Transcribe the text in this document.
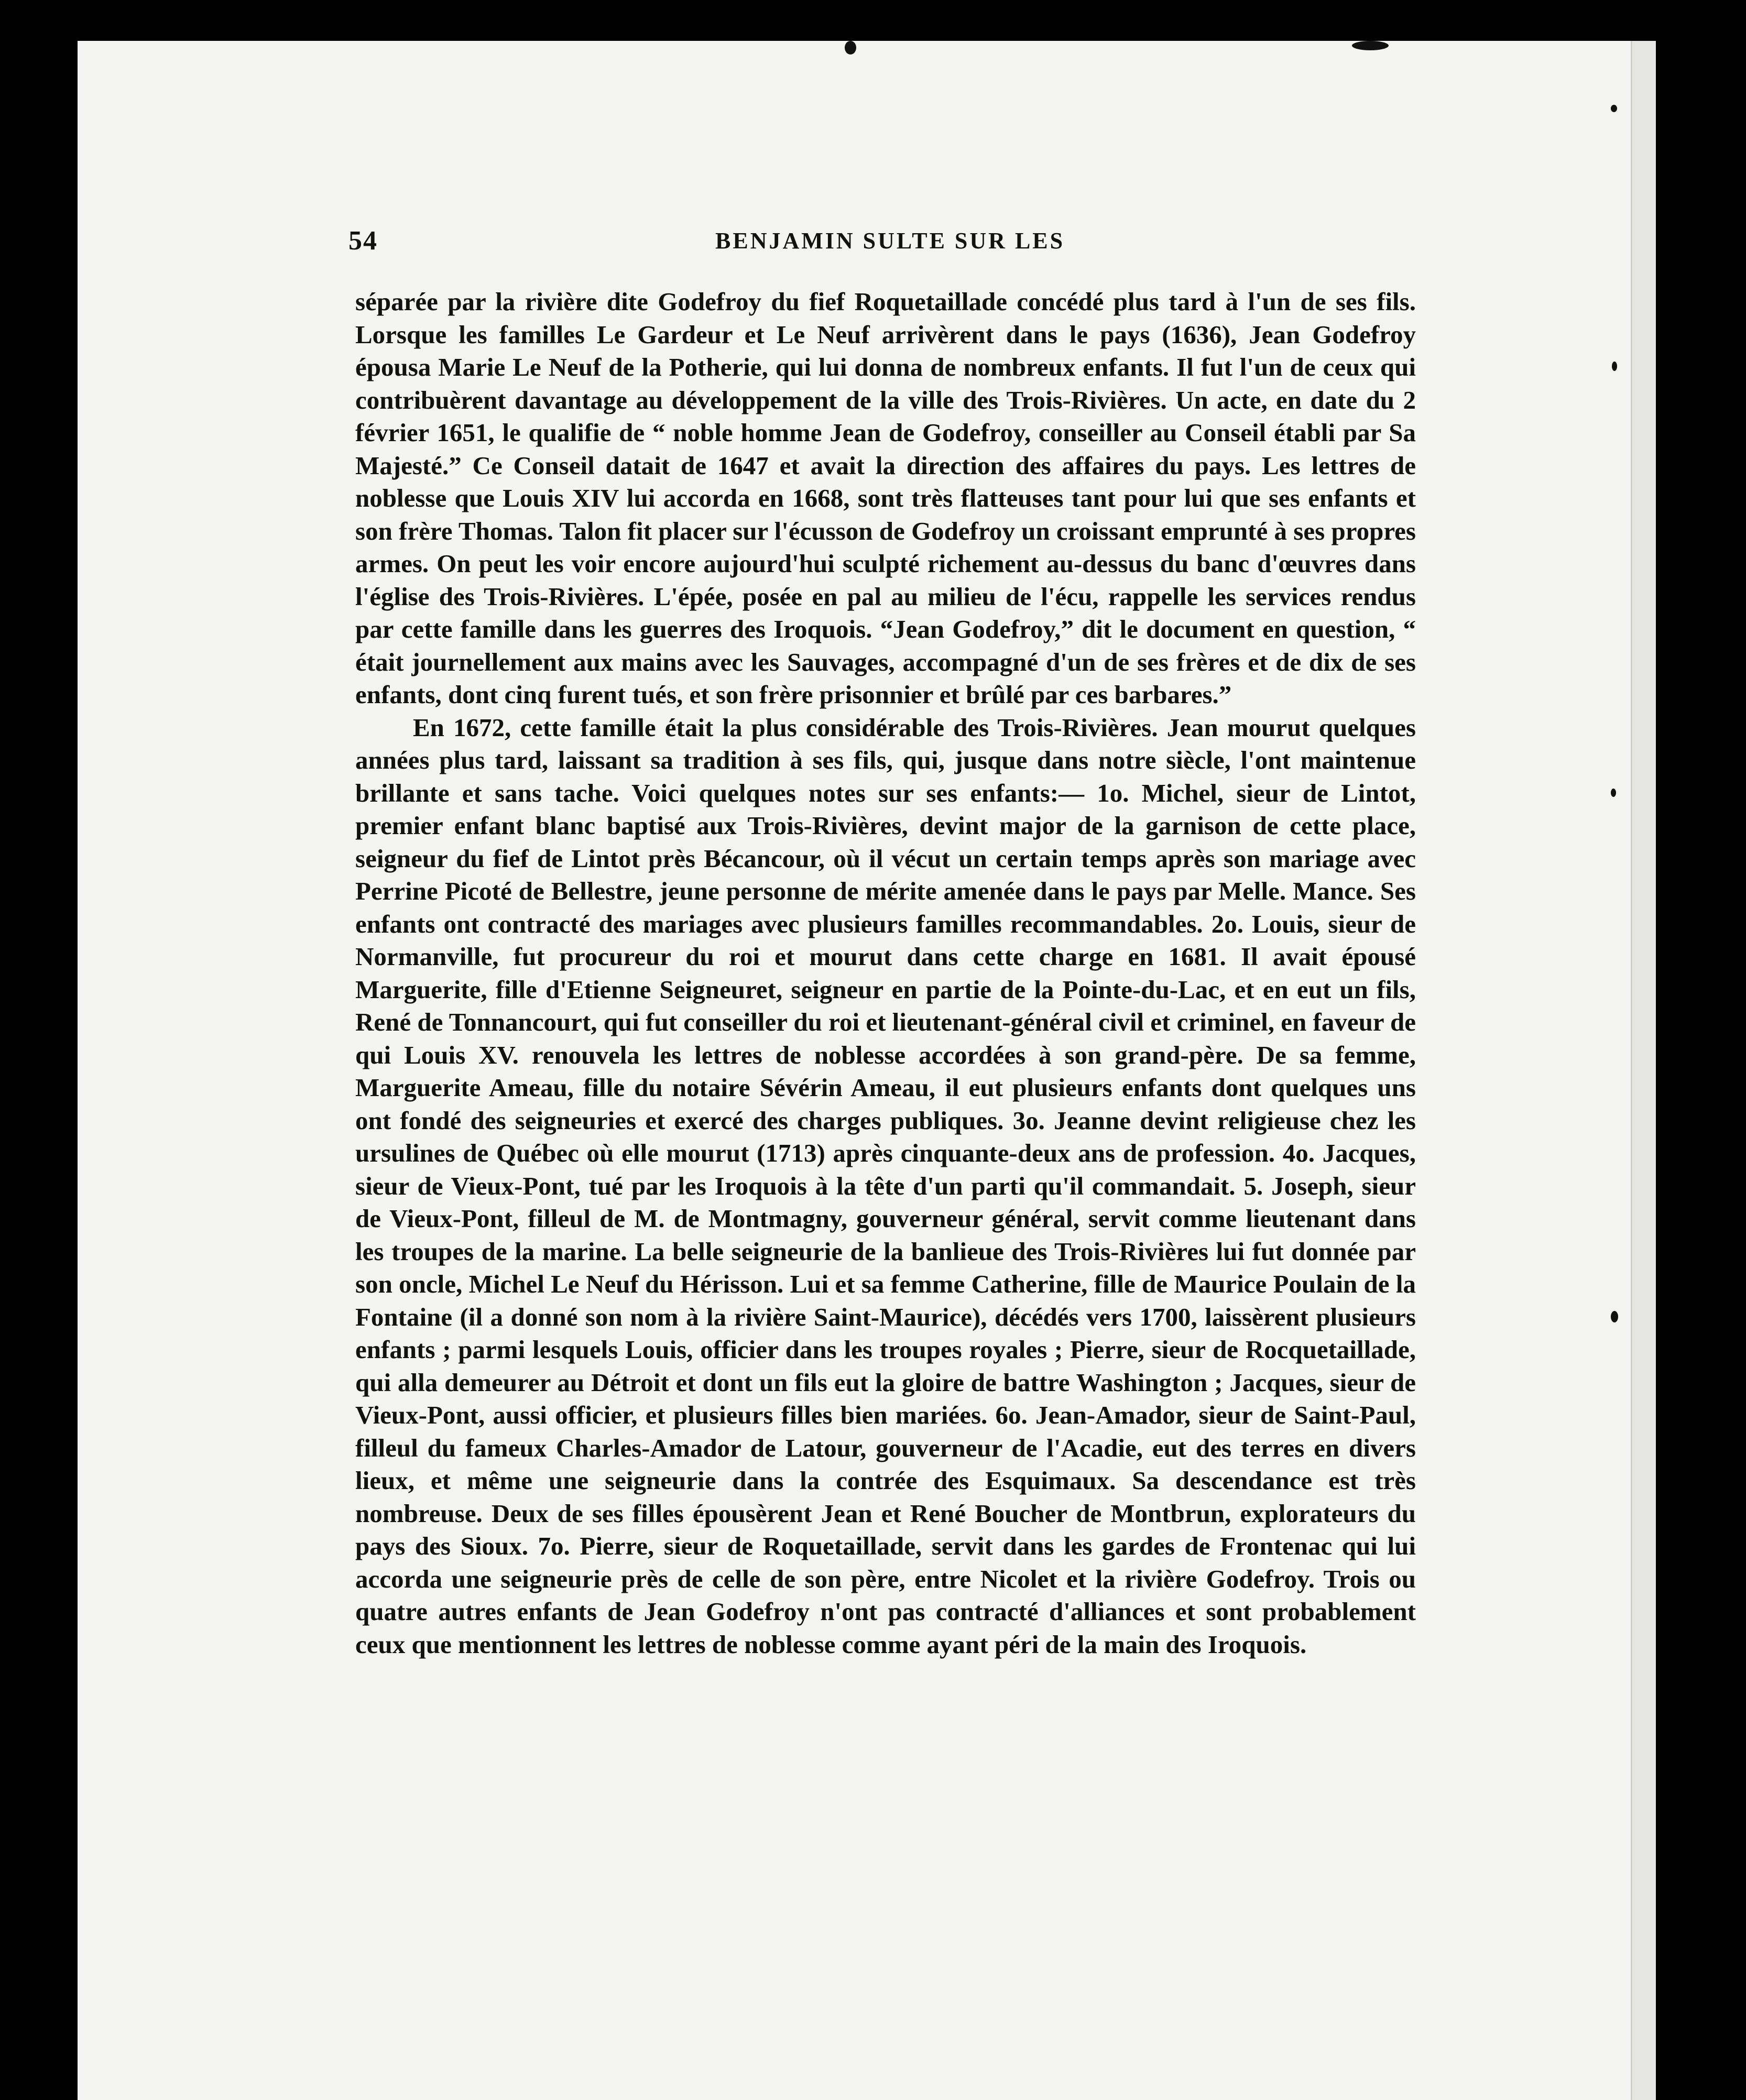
54	BENJAMIN SULTE SUR LES

séparée par la rivière dite Godefroy du fief Roquetaillade concédé plus tard à l'un de ses fils. Lorsque les familles Le Gardeur et Le Neuf arrivèrent dans le pays (1636), Jean Godefroy épousa Marie Le Neuf de la Potherie, qui lui donna de nombreux enfants. Il fut l'un de ceux qui contribuèrent davantage au développement de la ville des Trois-Rivières. Un acte, en date du 2 février 1651, le qualifie de “ noble homme Jean de Godefroy, conseiller au Conseil établi par Sa Majesté.” Ce Conseil datait de 1647 et avait la direction des affaires du pays. Les lettres de noblesse que Louis XIV lui accorda en 1668, sont très flatteuses tant pour lui que ses enfants et son frère Thomas. Talon fit placer sur l'écusson de Godefroy un croissant emprunté à ses propres armes. On peut les voir encore aujourd'hui sculpté richement au-dessus du banc d'œuvres dans l'église des Trois-Rivières. L'épée, posée en pal au milieu de l'écu, rappelle les services rendus par cette famille dans les guerres des Iroquois. “Jean Godefroy,” dit le document en question, “ était journellement aux mains avec les Sauvages, accompagné d'un de ses frères et de dix de ses enfants, dont cinq furent tués, et son frère prisonnier et brûlé par ces barbares.”

En 1672, cette famille était la plus considérable des Trois-Rivières. Jean mourut quelques années plus tard, laissant sa tradition à ses fils, qui, jusque dans notre siècle, l'ont maintenue brillante et sans tache. Voici quelques notes sur ses enfants:— 1o. Michel, sieur de Lintot, premier enfant blanc baptisé aux Trois-Rivières, devint major de la garnison de cette place, seigneur du fief de Lintot près Bécancour, où il vécut un certain temps après son mariage avec Perrine Picoté de Bellestre, jeune personne de mérite amenée dans le pays par Melle. Mance. Ses enfants ont contracté des mariages avec plusieurs familles recommandables. 2o. Louis, sieur de Normanville, fut procureur du roi et mourut dans cette charge en 1681. Il avait épousé Marguerite, fille d'Etienne Seigneuret, seigneur en partie de la Pointe-du-Lac, et en eut un fils, René de Tonnancourt, qui fut conseiller du roi et lieutenant-général civil et criminel, en faveur de qui Louis XV. renouvela les lettres de noblesse accordées à son grand-père. De sa femme, Marguerite Ameau, fille du notaire Sévérin Ameau, il eut plusieurs enfants dont quelques uns ont fondé des seigneuries et exercé des charges publiques. 3o. Jeanne devint religieuse chez les ursulines de Québec où elle mourut (1713) après cinquante-deux ans de profession. 4o. Jacques, sieur de Vieux-Pont, tué par les Iroquois à la tête d'un parti qu'il commandait. 5. Joseph, sieur de Vieux-Pont, filleul de M. de Montmagny, gouverneur général, servit comme lieutenant dans les troupes de la marine. La belle seigneurie de la banlieue des Trois-Rivières lui fut donnée par son oncle, Michel Le Neuf du Hérisson. Lui et sa femme Catherine, fille de Maurice Poulain de la Fontaine (il a donné son nom à la rivière Saint-Maurice), décédés vers 1700, laissèrent plusieurs enfants ; parmi lesquels Louis, officier dans les troupes royales ; Pierre, sieur de Rocquetaillade, qui alla demeurer au Détroit et dont un fils eut la gloire de battre Washington ; Jacques, sieur de Vieux-Pont, aussi officier, et plusieurs filles bien mariées. 6o. Jean-Amador, sieur de Saint-Paul, filleul du fameux Charles-Amador de Latour, gouverneur de l'Acadie, eut des terres en divers lieux, et même une seigneurie dans la contrée des Esquimaux. Sa descendance est très nombreuse. Deux de ses filles épousèrent Jean et René Boucher de Montbrun, explorateurs du pays des Sioux. 7o. Pierre, sieur de Roquetaillade, servit dans les gardes de Frontenac qui lui accorda une seigneurie près de celle de son père, entre Nicolet et la rivière Godefroy. Trois ou quatre autres enfants de Jean Godefroy n'ont pas contracté d'alliances et sont probablement ceux que mentionnent les lettres de noblesse comme ayant péri de la main des Iroquois.
